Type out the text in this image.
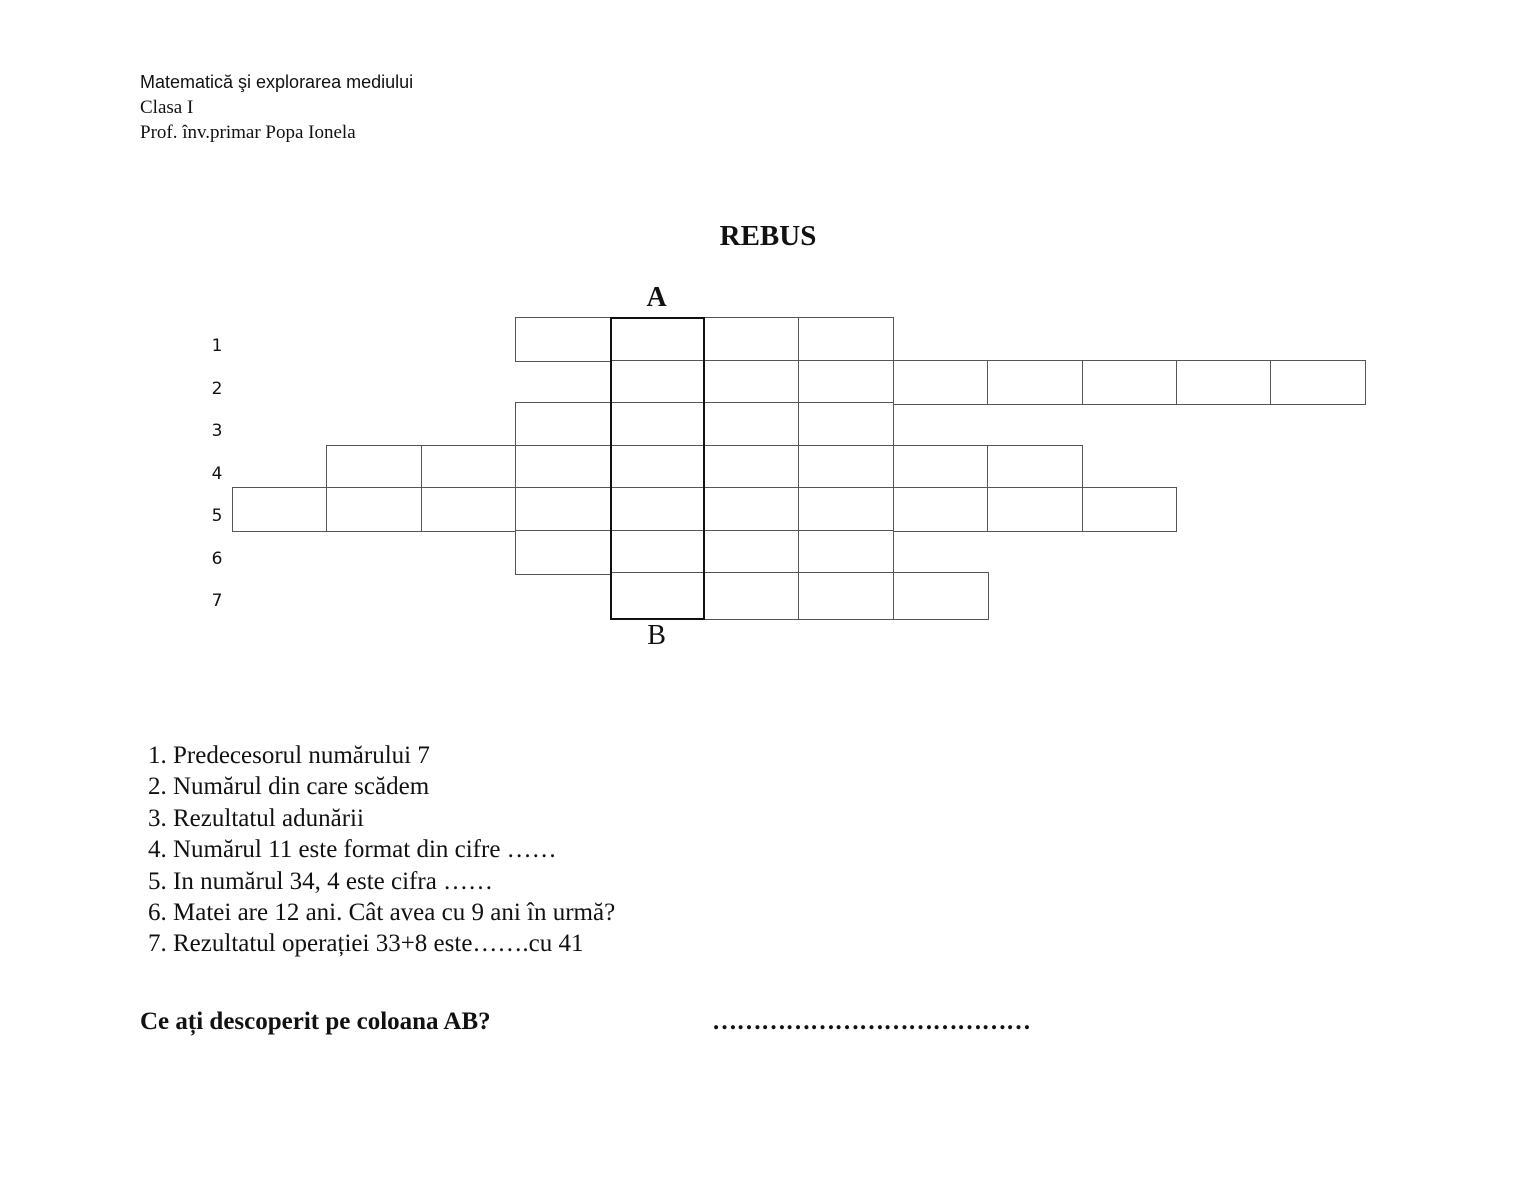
Matematică şi explorarea mediului
Clasa I
Prof. înv.primar Popa Ionela
REBUS
A
B
1
2
3
4
5
6
7
1. Predecesorul numărului 7
2. Numărul din care scădem
3. Rezultatul adunării
4. Numărul 11 este format din cifre ……
5. In numărul 34, 4 este cifra ……
6. Matei are 12 ani. Cât avea cu 9 ani în urmă?
7. Rezultatul operației 33+8 este…….cu 41
Ce ați descoperit pe coloana AB?	…………………………………
